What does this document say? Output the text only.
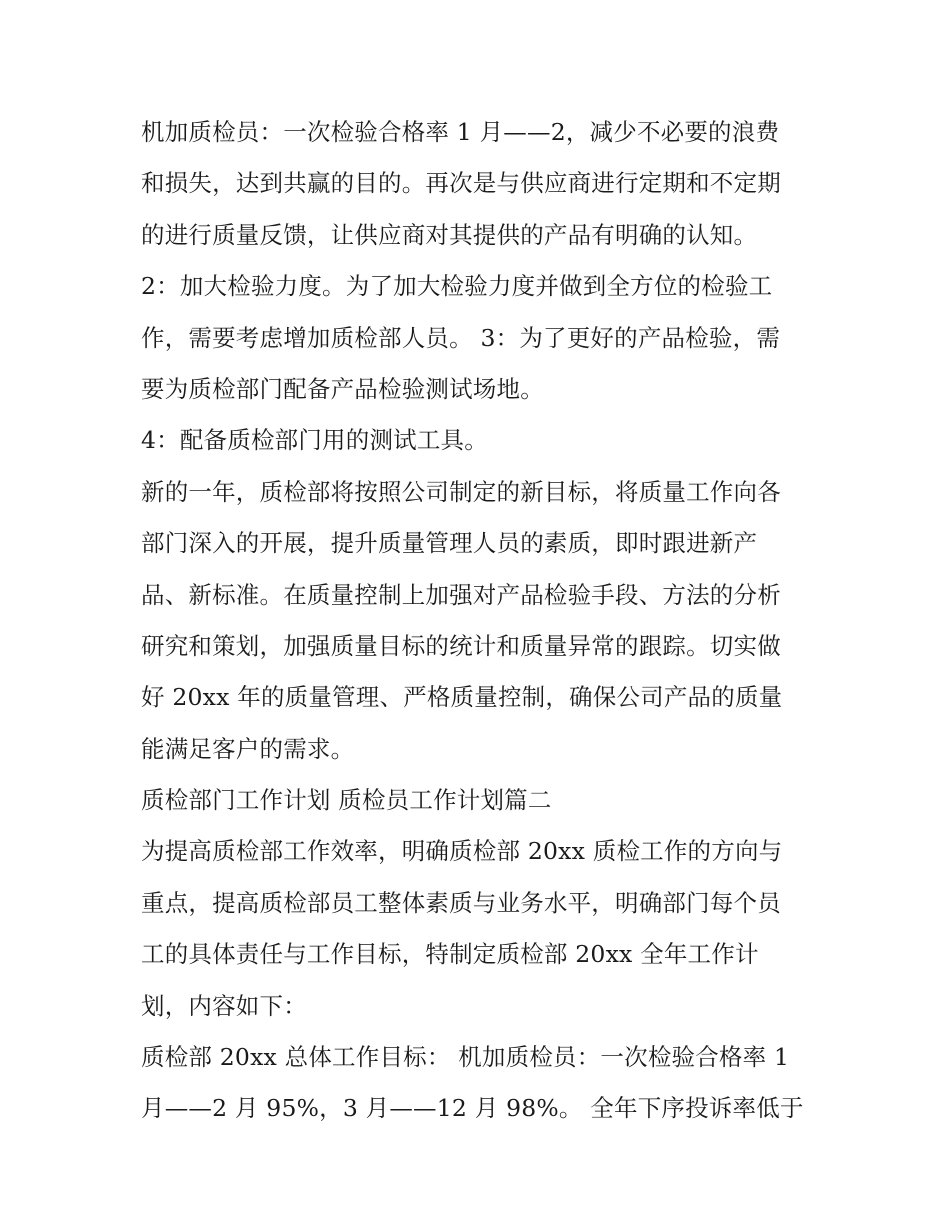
机加质检员：一次检验合格率 1 月——2，减少不必要的浪费
和损失，达到共赢的目的。再次是与供应商进行定期和不定期
的进行质量反馈，让供应商对其提供的产品有明确的认知。
2：加大检验力度。为了加大检验力度并做到全方位的检验工
作，需要考虑增加质检部人员。 3：为了更好的产品检验，需
要为质检部门配备产品检验测试场地。
4：配备质检部门用的测试工具。
新的一年，质检部将按照公司制定的新目标，将质量工作向各
部门深入的开展，提升质量管理人员的素质，即时跟进新产
品、新标准。在质量控制上加强对产品检验手段、方法的分析
研究和策划，加强质量目标的统计和质量异常的跟踪。切实做
好 20xx 年的质量管理、严格质量控制，确保公司产品的质量
能满足客户的需求。
质检部门工作计划 质检员工作计划篇二
为提高质检部工作效率，明确质检部 20xx 质检工作的方向与
重点，提高质检部员工整体素质与业务水平，明确部门每个员
工的具体责任与工作目标，特制定质检部 20xx 全年工作计
划，内容如下：
质检部 20xx 总体工作目标： 机加质检员：一次检验合格率 1
月——2 月 95%，3 月——12 月 98%。 全年下序投诉率低于
